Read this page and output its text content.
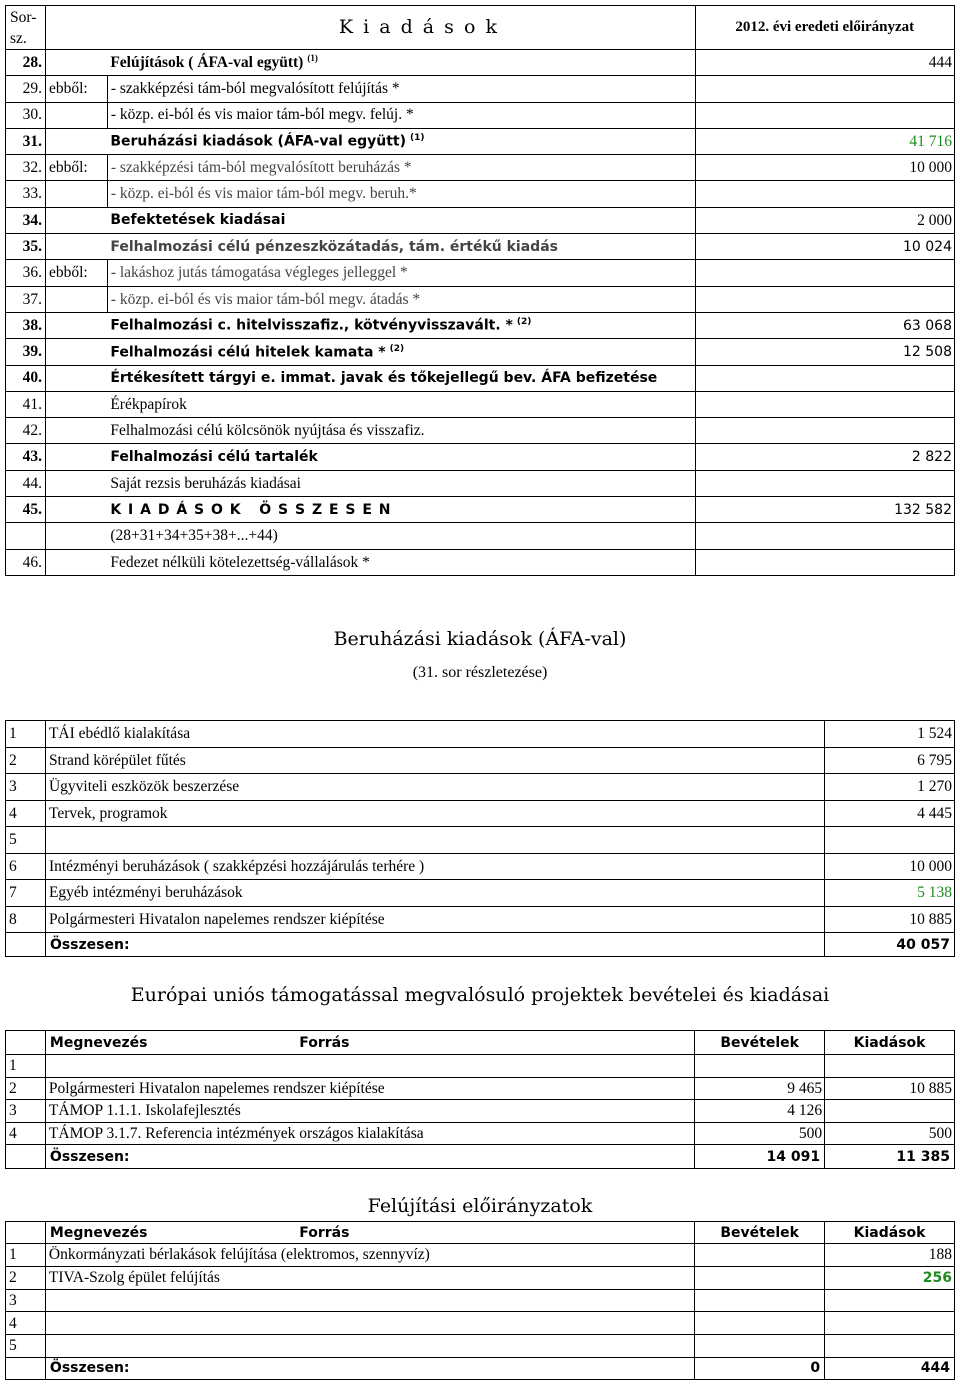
Sor-
sz.		K i a d á s o k	2012. évi eredeti előirányzat
28.		Felújítások ( ÁFA-val együtt) $^{(1)}$	444
29.	ebből:	- szakképzési tám-ból megvalósított felújítás *	
30.		- közp. ei-ból és vis maior tám-ból megv. felúj. *	
31.		Beruházási kiadások (ÁFA-val együtt) $^{(1)}$	41 716
32.	ebből:	- szakképzési tám-ból megvalósított beruházás *	10 000
33.		- közp. ei-ból és vis maior tám-ból megv. beruh.*	
34.		Befektetések kiadásai	2 000
35.		Felhalmozási célú pénzeszközátadás, tám. értékű kiadás	10 024
36.	ebből:	- lakáshoz jutás támogatása végleges jelleggel *	
37.		- közp. ei-ból és vis maior tám-ból megv. átadás *	
38.		Felhalmozási c. hitelvisszafiz., kötvényvisszavált. * $^{(2)}$	63 068
39.		Felhalmozási célú hitelek kamata * $^{(2)}$	12 508
40.		Értékesített tárgyi e. immat. javak és tőkejellegű bev. ÁFA befizetése	
41.		Érékpapírok	
42.		Felhalmozási célú kölcsönök nyújtása és visszafiz.	
43.		Felhalmozási célú tartalék	2 822
44.		Saját rezsis beruházás kiadásai	
45.		K I A D Á S O K   Ö S S Z E S E N	132 582
		(28+31+34+35+38+...+44)	
46.		Fedezet nélküli kötelezettség-vállalások *	
Beruházási kiadások (ÁFA-val)
(31. sor részletezése)
1	TÁI ebédlő kialakítása	1 524
2	Strand körépület fűtés	6 795
3	Ügyviteli eszközök beszerzése	1 270
4	Tervek, programok	4 445
5		
6	Intézményi beruházások ( szakképzési hozzájárulás terhére )	10 000
7	Egyéb intézményi beruházások	5 138
8	Polgármesteri Hivatalon napelemes rendszer kiépítése	10 885
	Összesen:	40 057
Európai uniós támogatással megvalósuló projektek bevételei és kiadásai
	Megnevezés	Forrás	Bevételek	Kiadások
1				
2	Polgármesteri Hivatalon napelemes rendszer kiépítése		9 465	10 885
3	TÁMOP 1.1.1. Iskolafejlesztés		4 126	
4	TÁMOP 3.1.7. Referencia intézmények országos kialakítása		500	500
	Összesen:		14 091	11 385
Felújítási előirányzatok
	Megnevezés	Forrás	Bevételek	Kiadások
1	Önkormányzati bérlakások felújítása (elektromos, szennyvíz)			188
2	TIVA-Szolg épület felújítás			256
3				
4				
5				
	Összesen:		0	444
